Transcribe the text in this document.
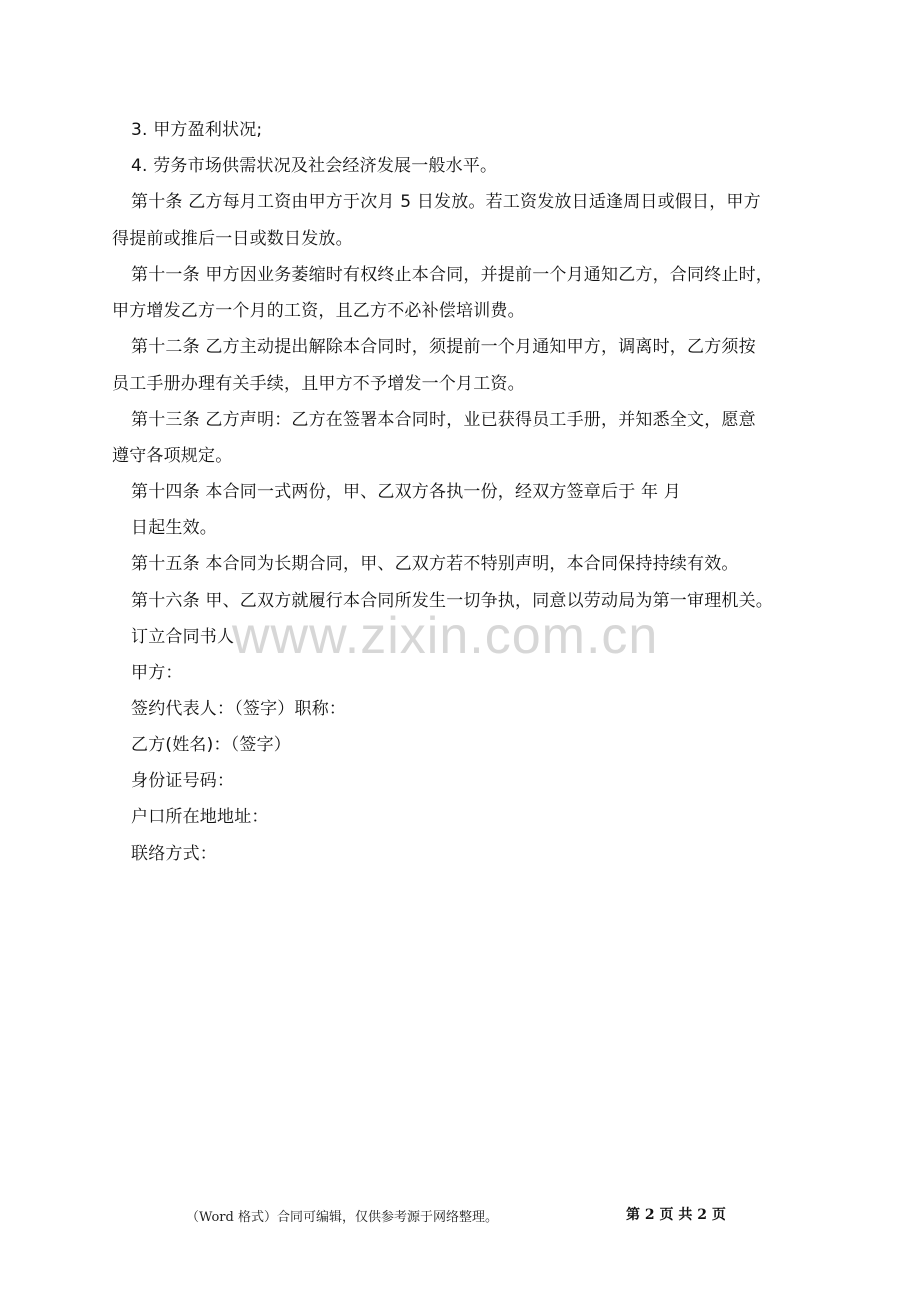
3. 甲方盈利状况;
4. 劳务市场供需状况及社会经济发展一般水平。
第十条 乙方每月工资由甲方于次月 5 日发放。若工资发放日适逢周日或假日，甲方
得提前或推后一日或数日发放。
第十一条 甲方因业务萎缩时有权终止本合同，并提前一个月通知乙方，合同终止时，
甲方增发乙方一个月的工资，且乙方不必补偿培训费。
第十二条 乙方主动提出解除本合同时，须提前一个月通知甲方，调离时，乙方须按
员工手册办理有关手续，且甲方不予增发一个月工资。
第十三条 乙方声明：乙方在签署本合同时，业已获得员工手册，并知悉全文，愿意
遵守各项规定。
第十四条 本合同一式两份，甲、乙双方各执一份，经双方签章后于 年 月
日起生效。
第十五条 本合同为长期合同，甲、乙双方若不特别声明，本合同保持持续有效。
第十六条 甲、乙双方就履行本合同所发生一切争执，同意以劳动局为第一审理机关。
订立合同书人
甲方：
签约代表人：（签字）职称：
乙方(姓名)：（签字）
身份证号码：
户口所在地地址：
联络方式：
www.zixin.com.cn
（Word 格式）合同可编辑，仅供参考源于网络整理。	第 2 页 共 2 页
